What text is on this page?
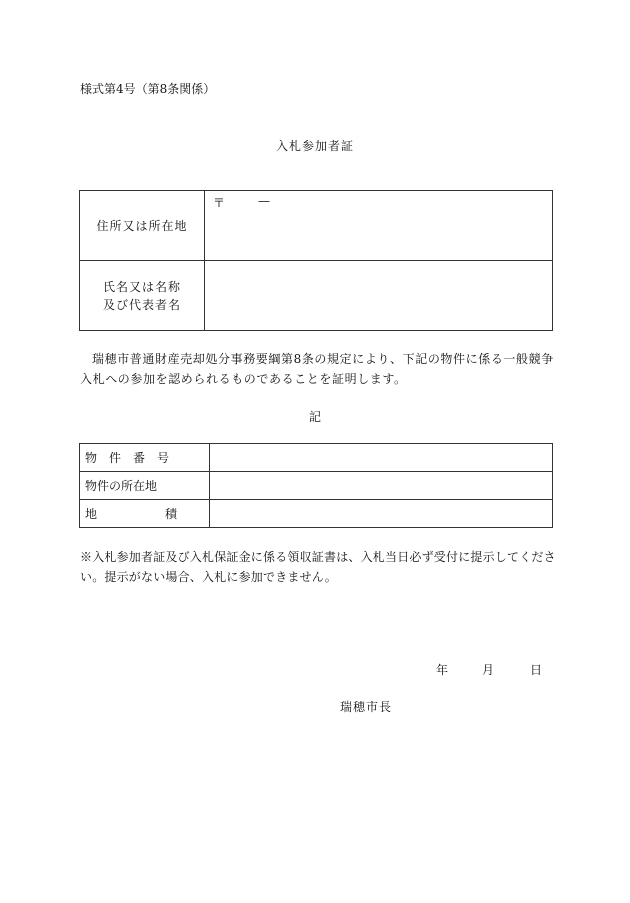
様式第4号（第8条関係）
入札参加者証
住所又は所在地	〒 —

氏名又は名称
及び代表者名	

瑞穂市普通財産売却処分事務要綱第8条の規定により、下記の物件に係る一般競争入札への参加を認められるものであることを証明します。
記
物 件 番 号	

物件の所在地	

地 積	

※入札参加者証及び入札保証金に係る領収証書は、入札当日必ず受付に提示してください。提示がない場合、入札に参加できません。
年	月	日
瑞穂市長
